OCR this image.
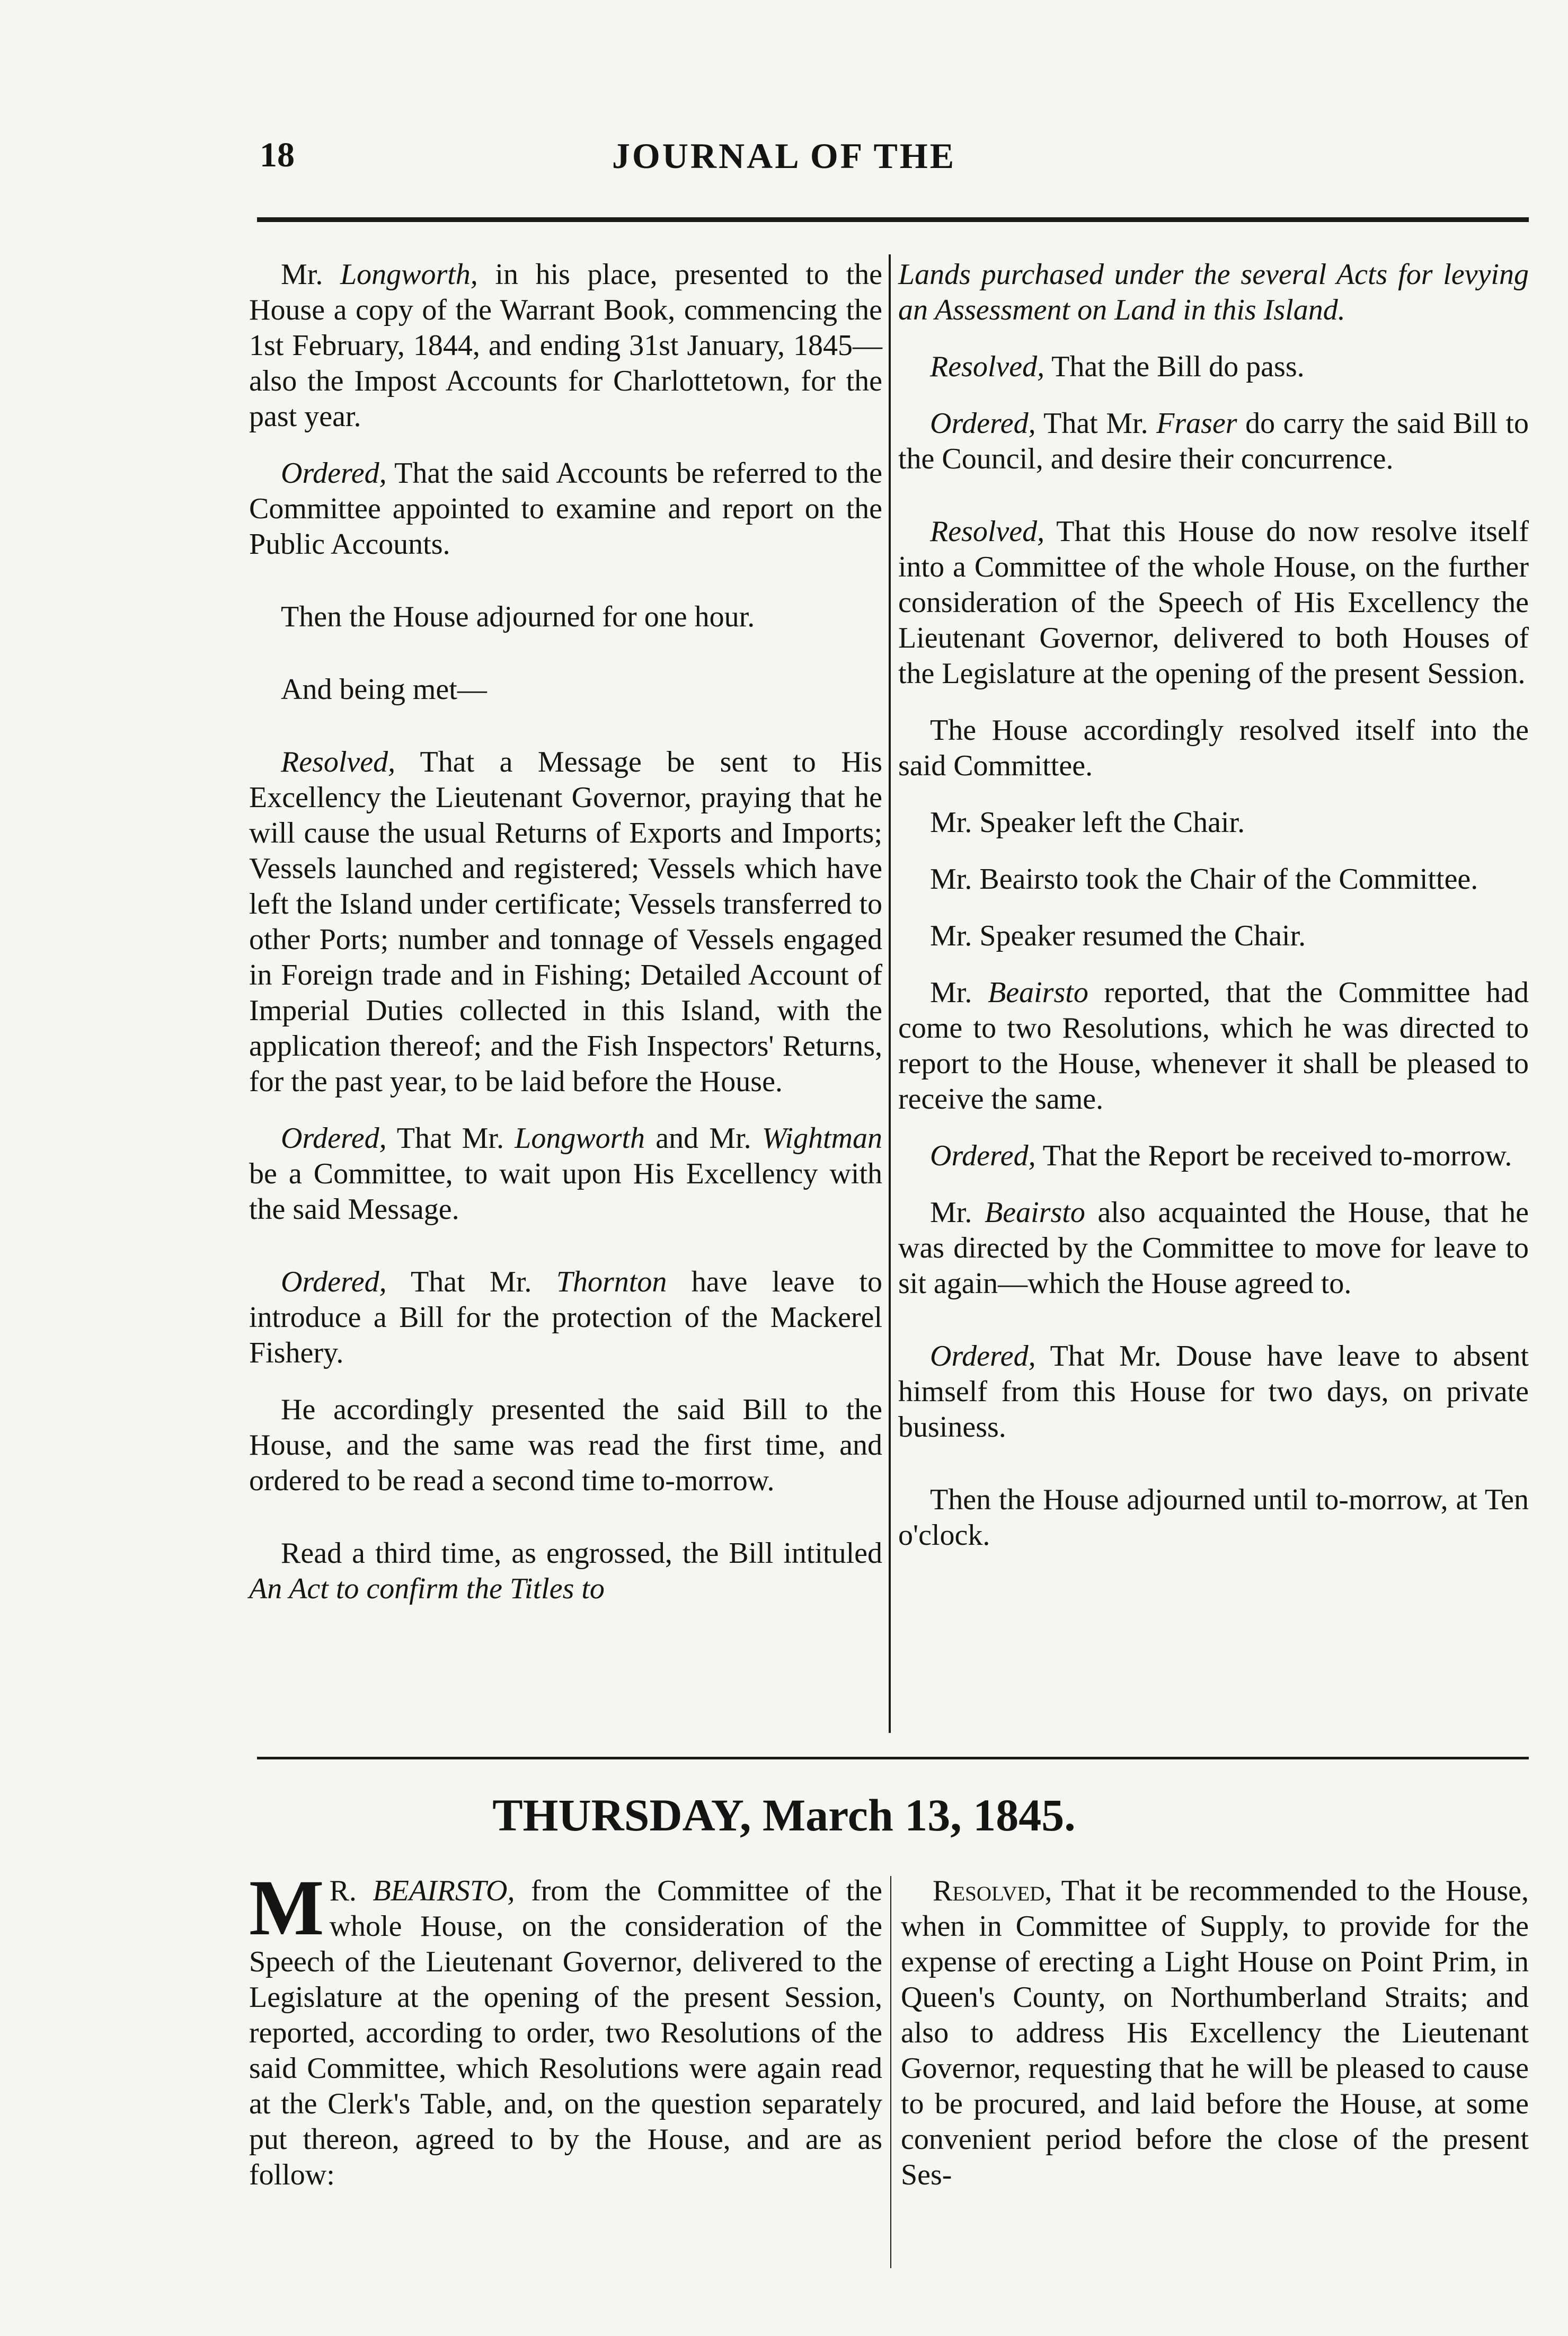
18	JOURNAL OF THE

Mr. Longworth, in his place, presented to the House a copy of the Warrant Book, commencing the 1st February, 1844, and ending 31st January, 1845—also the Impost Accounts for Charlottetown, for the past year.

Ordered, That the said Accounts be referred to the Committee appointed to examine and report on the Public Accounts.

Then the House adjourned for one hour.

And being met—

Resolved, That a Message be sent to His Excellency the Lieutenant Governor, praying that he will cause the usual Returns of Exports and Imports; Vessels launched and registered; Vessels which have left the Island under certificate; Vessels transferred to other Ports; number and tonnage of Vessels engaged in Foreign trade and in Fishing; Detailed Account of Imperial Duties collected in this Island, with the application thereof; and the Fish Inspectors' Returns, for the past year, to be laid before the House.

Ordered, That Mr. Longworth and Mr. Wightman be a Committee, to wait upon His Excellency with the said Message.

Ordered, That Mr. Thornton have leave to introduce a Bill for the protection of the Mackerel Fishery.

He accordingly presented the said Bill to the House, and the same was read the first time, and ordered to be read a second time to-morrow.

Read a third time, as engrossed, the Bill intituled An Act to confirm the Titles to

Lands purchased under the several Acts for levying an Assessment on Land in this Island.

Resolved, That the Bill do pass.

Ordered, That Mr. Fraser do carry the said Bill to the Council, and desire their concurrence.

Resolved, That this House do now resolve itself into a Committee of the whole House, on the further consideration of the Speech of His Excellency the Lieutenant Governor, delivered to both Houses of the Legislature at the opening of the present Session.

The House accordingly resolved itself into the said Committee.

Mr. Speaker left the Chair.

Mr. Beairsto took the Chair of the Committee.

Mr. Speaker resumed the Chair.

Mr. Beairsto reported, that the Committee had come to two Resolutions, which he was directed to report to the House, whenever it shall be pleased to receive the same.

Ordered, That the Report be received to-morrow.

Mr. Beairsto also acquainted the House, that he was directed by the Committee to move for leave to sit again—which the House agreed to.

Ordered, That Mr. Douse have leave to absent himself from this House for two days, on private business.

Then the House adjourned until to-morrow, at Ten o'clock.

THURSDAY, March 13, 1845.

M R. BEAIRSTO, from the Committee of the whole House, on the consideration of the Speech of the Lieutenant Governor, delivered to the Legislature at the opening of the present Session, reported, according to order, two Resolutions of the said Committee, which Resolutions were again read at the Clerk's Table, and, on the question separately put thereon, agreed to by the House, and are as follow:

Resolved, That it be recommended to the House, when in Committee of Supply, to provide for the expense of erecting a Light House on Point Prim, in Queen's County, on Northumberland Straits; and also to address His Excellency the Lieutenant Governor, requesting that he will be pleased to cause to be procured, and laid before the House, at some convenient period before the close of the present Ses-
